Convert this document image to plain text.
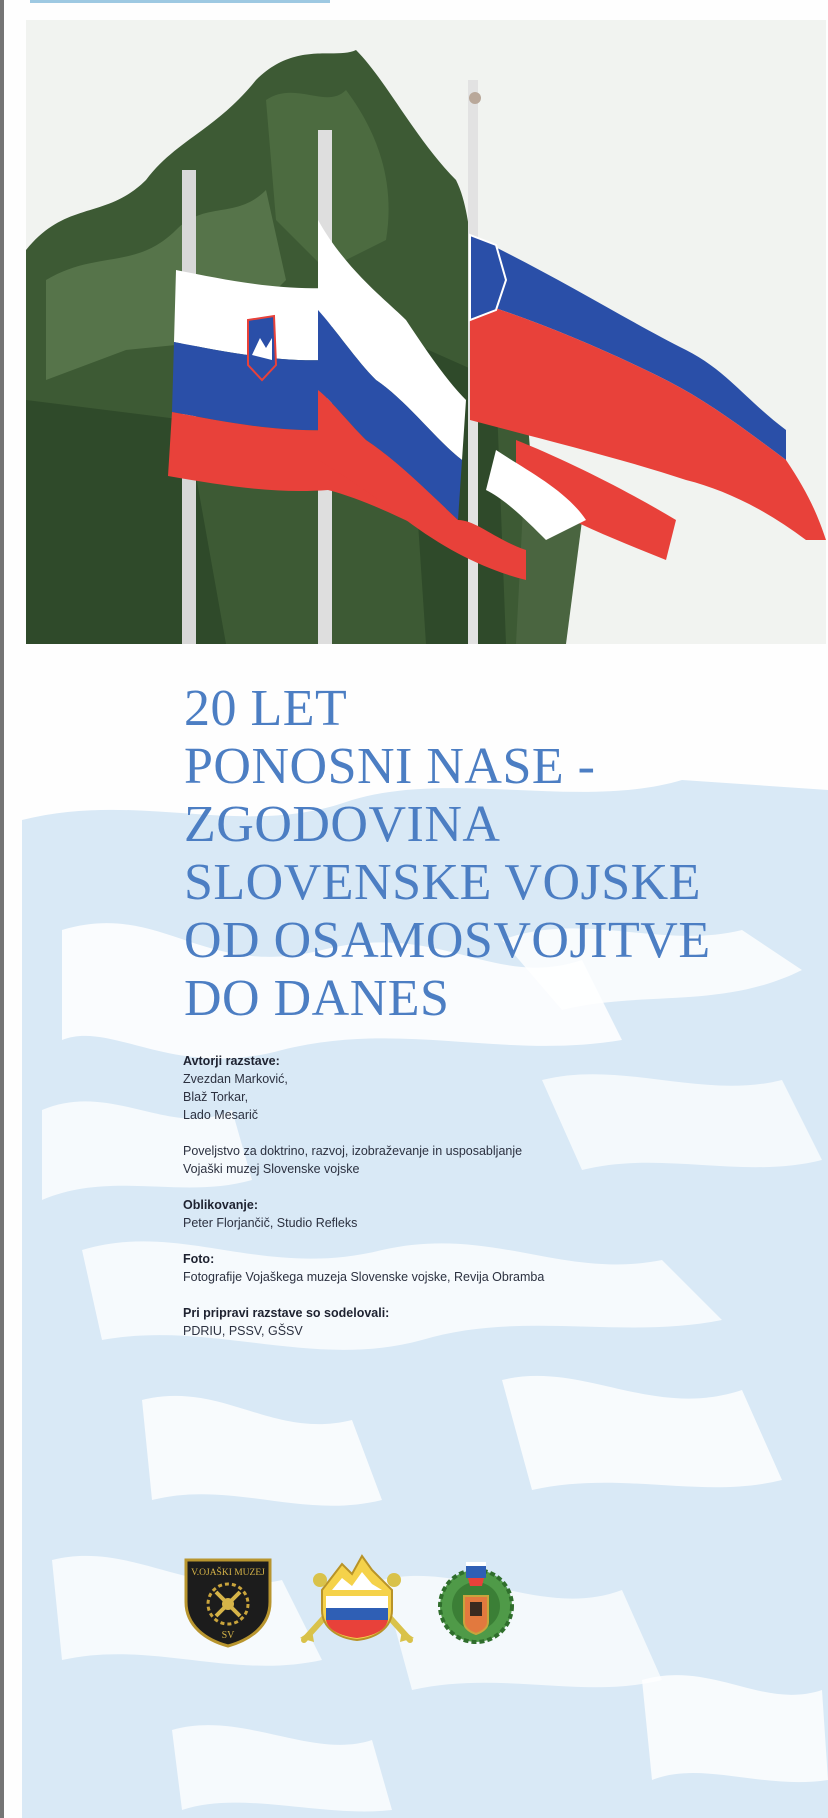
20 LET
PONOSNI NASE -
ZGODOVINA
SLOVENSKE VOJSKE
OD OSAMOSVOJITVE
DO DANES
Avtorji razstave:
Zvezdan Marković,
Blaž Torkar,
Lado Mesarič
Poveljstvo za doktrino, razvoj, izobraževanje in usposabljanje
Vojaški muzej Slovenske vojske
Oblikovanje:
Peter Florjančič, Studio Refleks
Foto:
Fotografije Vojaškega muzeja Slovenske vojske, Revija Obramba
Pri pripravi razstave so sodelovali:
PDRIU, PSSV, GŠSV
V.OJAŠKI MUZEJ
SV
